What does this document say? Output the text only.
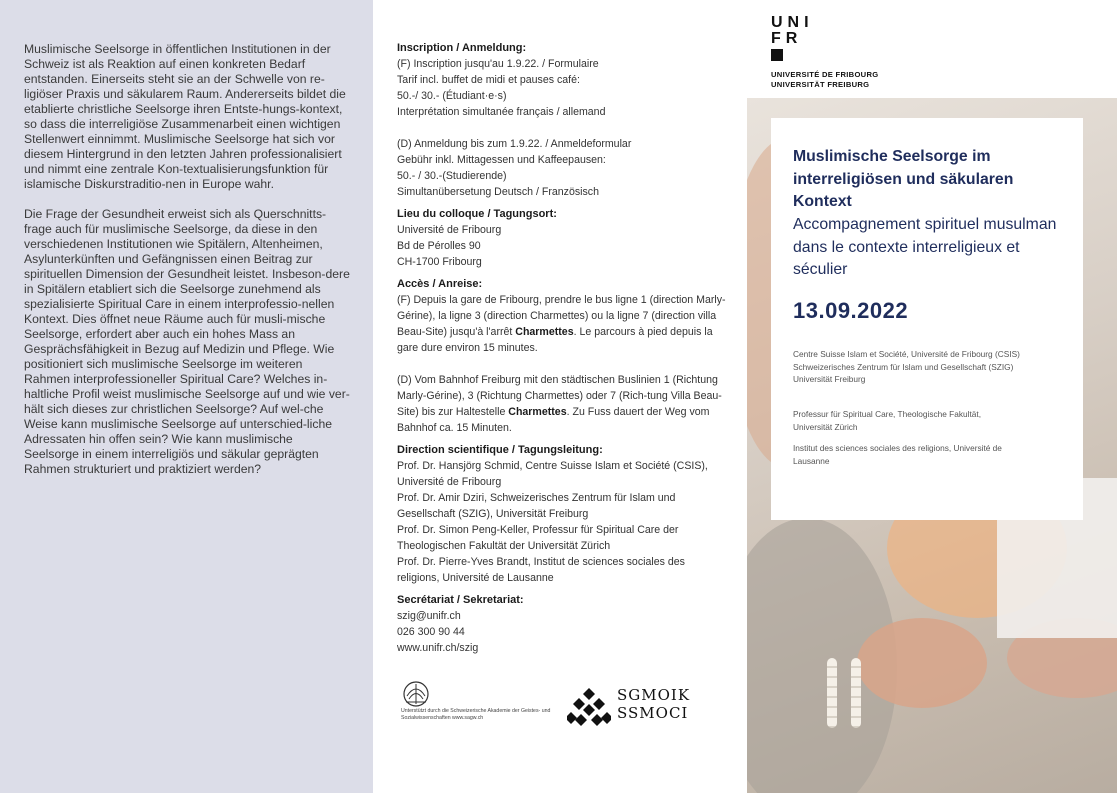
Muslimische Seelsorge in öffentlichen Institutionen in der Schweiz ist als Reaktion auf einen konkreten Bedarf entstanden. Einerseits steht sie an der Schwelle von re-ligiöser Praxis und säkularem Raum. Andererseits bildet die etablierte christliche Seelsorge ihren Entste-hungs-kontext, so dass die interreligiöse Zusammenarbeit einen wichtigen Stellenwert einnimmt. Muslimische Seelsorge hat sich vor diesem Hintergrund in den letzten Jahren professionalisiert und nimmt eine zentrale Kon-textualisierungsfunktion für islamische Diskurstraditio-nen in Europe wahr.

Die Frage der Gesundheit erweist sich als Querschnitts-frage auch für muslimische Seelsorge, da diese in den verschiedenen Institutionen wie Spitälern, Altenheimen, Asylunterkünften und Gefängnissen einen Beitrag zur spirituellen Dimension der Gesundheit leistet. Insbeson-dere in Spitälern etabliert sich die Seelsorge zunehmend als spezialisierte Spiritual Care in einem interprofessio-nellen Kontext. Dies öffnet neue Räume auch für musli-mische Seelsorge, erfordert aber auch ein hohes Mass an Gesprächsfähigkeit in Bezug auf Medizin und Pflege. Wie positioniert sich muslimische Seelsorge im weiteren Rahmen interprofessioneller Spiritual Care? Welches in-haltliche Profil weist muslimische Seelsorge auf und wie ver-hält sich dieses zur christlichen Seelsorge? Auf wel-che Weise kann muslimische Seelsorge auf unterschied-liche Adressaten hin offen sein? Wie kann muslimische Seelsorge in einem interreligiös und säkular geprägten Rahmen strukturiert und praktiziert werden?

Inscription / Anmeldung:
(F) Inscription jusqu'au 1.9.22. / Formulaire
Tarif incl. buffet de midi et pauses café:
50.-/ 30.- (Étudiant·e·s)
Interprétation simultanée français / allemand
(D) Anmeldung bis zum 1.9.22. / Anmeldeformular
Gebühr inkl. Mittagessen und Kaffeepausen:
50.- / 30.-(Studierende)
Simultanübersetung Deutsch / Französisch
Lieu du colloque / Tagungsort:
Université de Fribourg
Bd de Pérolles 90
CH-1700 Fribourg
Accès / Anreise:
(F) Depuis la gare de Fribourg, prendre le bus ligne 1 (direction Marly-Gérine), la ligne 3 (direction Charmettes) ou la ligne 7 (direction villa Beau-Site) jusqu'à l'arrêt Charmettes. Le parcours à pied depuis la gare dure environ 15 minutes.
(D) Vom Bahnhof Freiburg mit den städtischen Buslinien 1 (Richtung Marly-Gérine), 3 (Richtung Charmettes) oder 7 (Rich-tung Villa Beau-Site) bis zur Haltestelle Charmettes. Zu Fuss dauert der Weg vom Bahnhof ca. 15 Minuten.
Direction scientifique / Tagungsleitung:
Prof. Dr. Hansjörg Schmid, Centre Suisse Islam et Société (CSIS), Université de Fribourg
Prof. Dr. Amir Dziri, Schweizerisches Zentrum für Islam und Gesellschaft (SZIG), Universität Freiburg
Prof. Dr. Simon Peng-Keller, Professur für Spiritual Care der Theologischen Fakultät der Universität Zürich
Prof. Dr. Pierre-Yves Brandt, Institut de sciences sociales des religions, Université de Lausanne
Secrétariat / Sekretariat:
szig@unifr.ch
026 300 90 44
www.unifr.ch/szig
Unterstützt durch die Schweizerische Akademie der Geistes- und Sozialwissenschaften www.sagw.ch
SGMOIK
SSMOCI
UNI
FR
UNIVERSITÉ DE FRIBOURG
UNIVERSITÄT FREIBURG
Muslimische Seelsorge im interreligiösen und säkularen Kontext
Accompagnement spirituel musulman dans le contexte interreligieux et séculier
13.09.2022
Centre Suisse Islam et Société, Université de Fribourg (CSIS)
Schweizerisches Zentrum für Islam und Gesellschaft (SZIG)
Universität Freiburg
Professur für Spiritual Care, Theologische Fakultät,
Universität Zürich
Institut des sciences sociales des religions, Université de
Lausanne
